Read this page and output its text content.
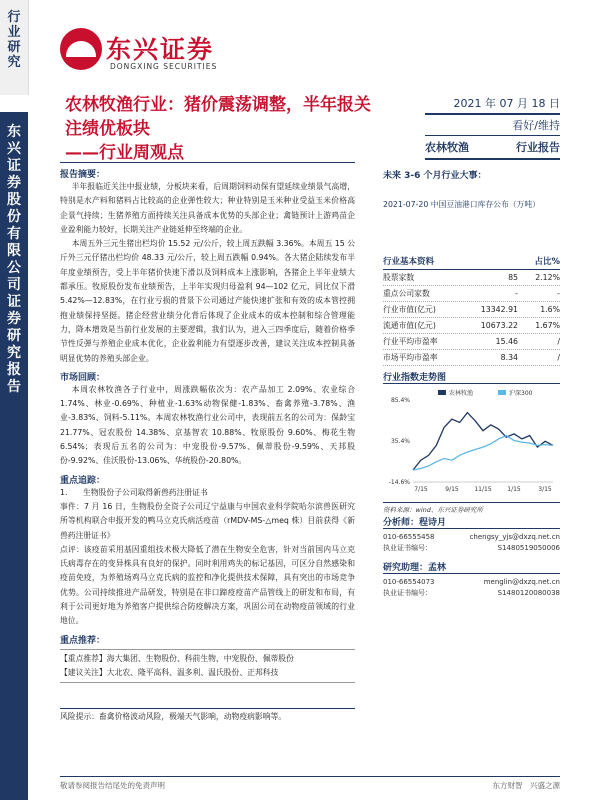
行业研究
东兴证券股份有限公司证券研究报告
东兴证券
DONGXING SECURITIES
农林牧渔行业：猪价震荡调整，半年报关注绩优板块
——行业周观点
2021 年 07 月 18 日
看好/维持
农林牧渔	行业报告
报告摘要：
半年报临近关注中报业绩，分板块来看，后周期饲料动保有望延续业绩景气高增，特别是水产料和猪料占比较高的企业弹性较大；种业特别是玉米种业受益玉米价格高企景气持续；生猪养殖方面持续关注具备成本优势的头部企业；禽链预计上游鸡苗企业盈利能力较好，长期关注产业链延伸至终端的企业。
本周五外三元生猪出栏均价 15.52 元/公斤，较上周五跌幅 3.36%。本周五 15 公斤外三元仔猪出栏均价 48.33 元/公斤，较上周五跌幅 0.94%。各大猪企陆续发布半年度业绩预告，受上半年猪价快速下滑以及饲料成本上涨影响，各猪企上半年业绩大都承压。牧原股份发布业绩预告，上半年实现归母盈利 94—102 亿元，同比仅下滑 5.42%—12.83%，在行业亏损的背景下公司通过产能快速扩张和有效的成本管控拥抱业绩保持坚挺。猪企经营业绩分化背后体现了企业成本的成本控制和综合管理能力，降本增效是当前行业发展的主要逻辑，我们认为，进入三四季度后，随着价格季节性反弹与养殖企业成本优化，企业盈利能力有望逐步改善，建议关注成本控制具备明显优势的养殖头部企业。
市场回顾：
本周农林牧渔各子行业中，周涨跌幅依次为：农产品加工 2.09%、农业综合 1.74%、林业-0.69%、种植业-1.63%动物保健-1.83%、畜禽养殖-3.78%、渔业-3.83%、饲料-5.11%。本周农林牧渔行业公司中，表现前五名的公司为：保龄宝 21.77%、冠农股份 14.38%、京基智农 10.88%、牧原股份 9.60%、梅花生物 6.54%；表现后五名的公司为：中宠股份-9.57%、佩蒂股份-9.59%、天邦股份-9.92%、佳沃股份-13.06%、华统股份-20.80%。
重点追踪：
1.　　生物股份子公司取得新兽药注册证书
事件：7 月 16 日，生物股份全资子公司辽宁益康与中国农业科学院哈尔滨兽医研究所等机构联合申报开发的鸭马立克氏病活疫苗（rMDV-MS-△meq 株）目前获得《新兽药注册证书》
点评：该疫苗采用基因重组技术极大降低了潜在生物安全危害，针对当前国内马立克氏病毒存在的变异株具有良好的保护。同时利用鸡失的标记基因，可区分自然感染和疫苗免疫，为养殖场鸡马立克氏病的监控和净化提供技术保障，具有突出的市场竞争优势。公司持续推进产品研发，特别是在非口蹄疫疫苗产品管线上的研发和布局，有利于公司更好地为养殖客户提供综合防疫解决方案，巩固公司在动物疫苗领域的行业地位。
重点推荐：
【重点推荐】海大集团、生物股份、科前生物、中宠股份、佩蒂股份
【建议关注】大北农、隆平高科、温多利、温氏股份、正邦科技
风险提示：畜禽价格波动风险，极端天气影响，动物疫病影响等。
未来 3-6 个月行业大事：
2021-07-20 中国豆油港口库存公布（万吨）
行业基本资料	占比%
股票家数	85	2.12%
重点公司家数	-	-
行业市值(亿元)	13342.91	1.6%
流通市值(亿元)	10673.22	1.67%
行业平均市盈率	15.46	/
市场平均市盈率	8.34	/
行业指数走势图
85.4%
35.4%
-14.6%
7/15	9/15	11/15	1/15	3/15
农林牧渔	沪深300
资料来源：wind、东兴证券研究所
分析师：程诗月
010-66555458	chengsy_yjs@dxzq.net.cn
执业证书编号：	S1480519050006
研究助理：孟林
010-66554073	menglin@dxzq.net.cn
执业证书编号：	S1480120080038
敬请参阅报告结尾处的免责声明	东方财智　兴盛之源
